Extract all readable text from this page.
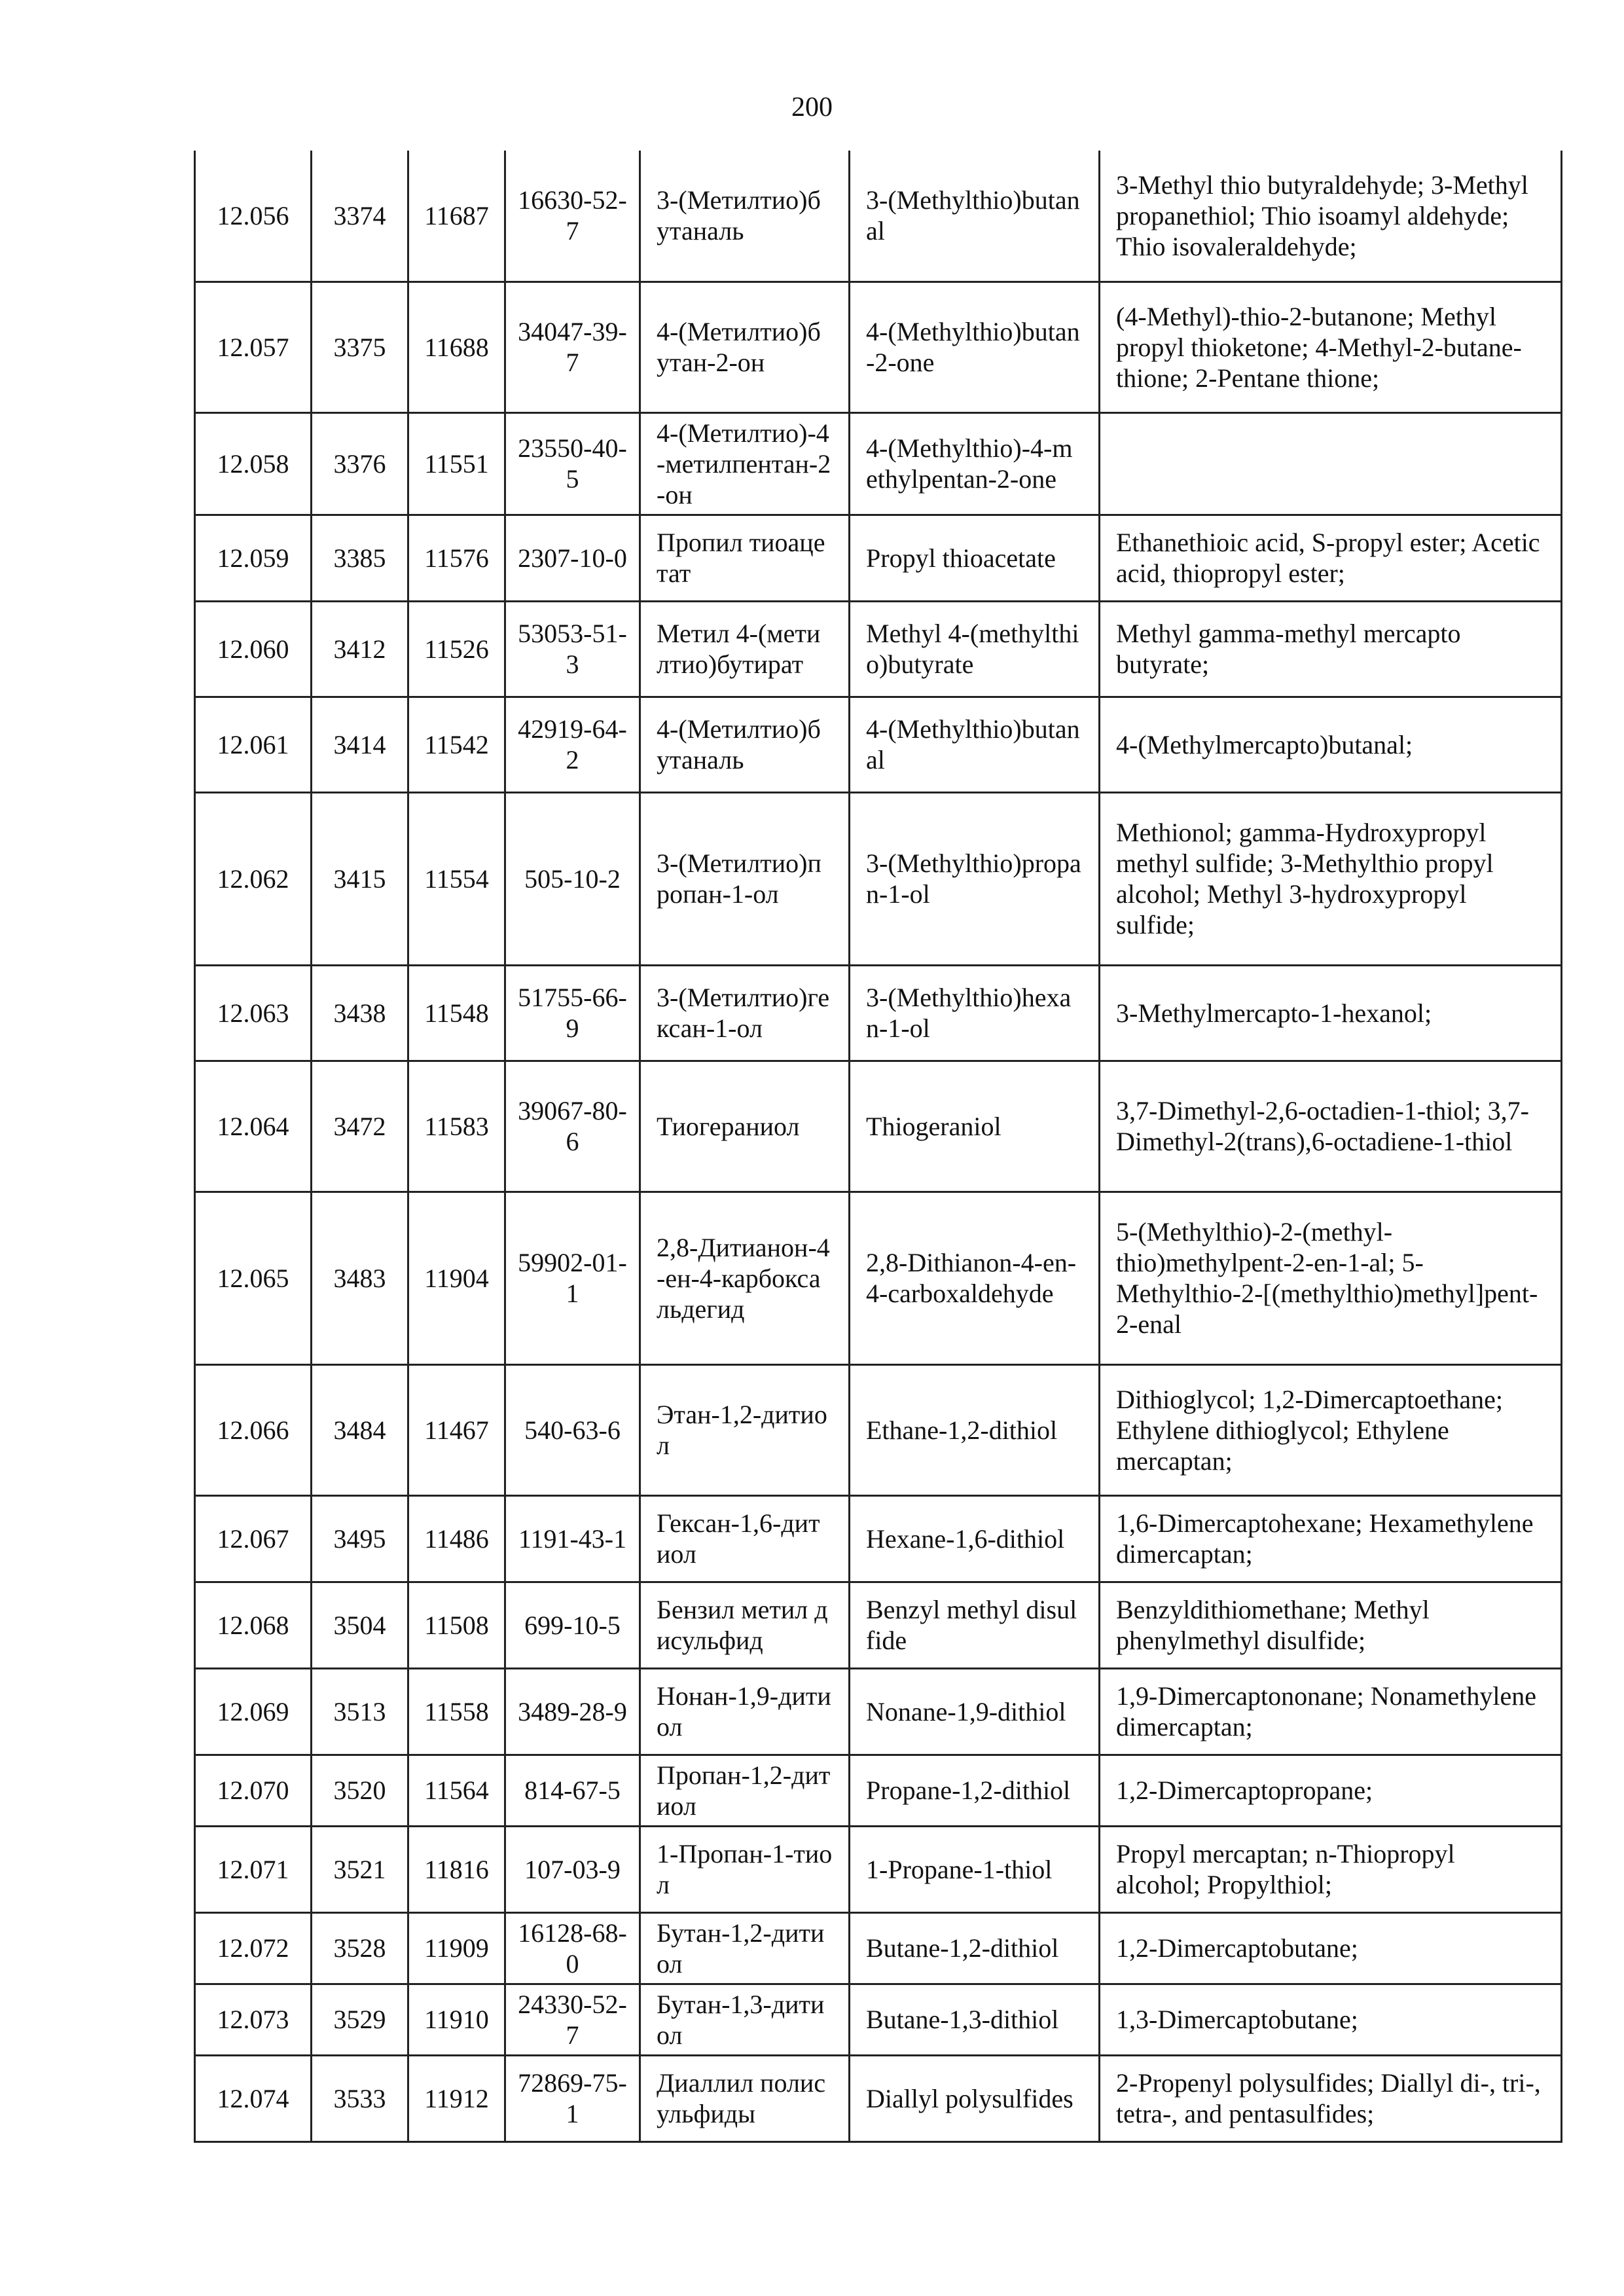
200
12.056	3374	11687	16630-52-7	3-(Метилтио)бутаналь	3-(Methylthio)butanal	3-Methyl thio butyraldehyde; 3-Methyl propanethiol; Thio isoamyl aldehyde; Thio isovaleraldehyde;
12.057	3375	11688	34047-39-7	4-(Метилтио)бутан-2-он	4-(Methylthio)butan-2-one	(4-Methyl)-thio-2-butanone; Methyl propyl thioketone; 4-Methyl-2-butane-thione; 2-Pentane thione;
12.058	3376	11551	23550-40-5	4-(Метилтио)-4-метилпентан-2-он	4-(Methylthio)-4-methylpentan-2-one	
12.059	3385	11576	2307-10-0	Пропил тиоацетат	Propyl thioacetate	Ethanethioic acid, S-propyl ester; Acetic acid, thiopropyl ester;
12.060	3412	11526	53053-51-3	Метил 4-(метилтио)бутират	Methyl 4-(methylthio)butyrate	Methyl gamma-methyl mercapto butyrate;
12.061	3414	11542	42919-64-2	4-(Метилтио)бутаналь	4-(Methylthio)butanal	4-(Methylmercapto)butanal;
12.062	3415	11554	505-10-2	3-(Метилтио)пропан-1-ол	3-(Methylthio)propan-1-ol	Methionol; gamma-Hydroxypropyl methyl sulfide; 3-Methylthio propyl alcohol; Methyl 3-hydroxypropyl sulfide;
12.063	3438	11548	51755-66-9	3-(Метилтио)гексан-1-ол	3-(Methylthio)hexan-1-ol	3-Methylmercapto-1-hexanol;
12.064	3472	11583	39067-80-6	Тиогераниол	Thiogeraniol	3,7-Dimethyl-2,6-octadien-1-thiol; 3,7-Dimethyl-2(trans),6-octadiene-1-thiol
12.065	3483	11904	59902-01-1	2,8-Дитианон-4-ен-4-карбоксальдегид	2,8-Dithianon-4-en-4-carboxaldehyde	5-(Methylthio)-2-(methyl-thio)methylpent-2-en-1-al; 5-Methylthio-2-[(methylthio)methyl]pent-2-enal
12.066	3484	11467	540-63-6	Этан-1,2-дитиол	Ethane-1,2-dithiol	Dithioglycol; 1,2-Dimercaptoethane; Ethylene dithioglycol; Ethylene mercaptan;
12.067	3495	11486	1191-43-1	Гексан-1,6-дитиол	Hexane-1,6-dithiol	1,6-Dimercaptohexane; Hexamethylene dimercaptan;
12.068	3504	11508	699-10-5	Бензил метил дисульфид	Benzyl methyl disulfide	Benzyldithiomethane; Methyl phenylmethyl disulfide;
12.069	3513	11558	3489-28-9	Нонан-1,9-дитиол	Nonane-1,9-dithiol	1,9-Dimercaptononane; Nonamethylene dimercaptan;
12.070	3520	11564	814-67-5	Пропан-1,2-дитиол	Propane-1,2-dithiol	1,2-Dimercaptopropane;
12.071	3521	11816	107-03-9	1-Пропан-1-тиол	1-Propane-1-thiol	Propyl mercaptan; n-Thiopropyl alcohol; Propylthiol;
12.072	3528	11909	16128-68-0	Бутан-1,2-дитиол	Butane-1,2-dithiol	1,2-Dimercaptobutane;
12.073	3529	11910	24330-52-7	Бутан-1,3-дитиол	Butane-1,3-dithiol	1,3-Dimercaptobutane;
12.074	3533	11912	72869-75-1	Диаллил полисульфиды	Diallyl polysulfides	2-Propenyl polysulfides; Diallyl di-, tri-, tetra-, and pentasulfides;
